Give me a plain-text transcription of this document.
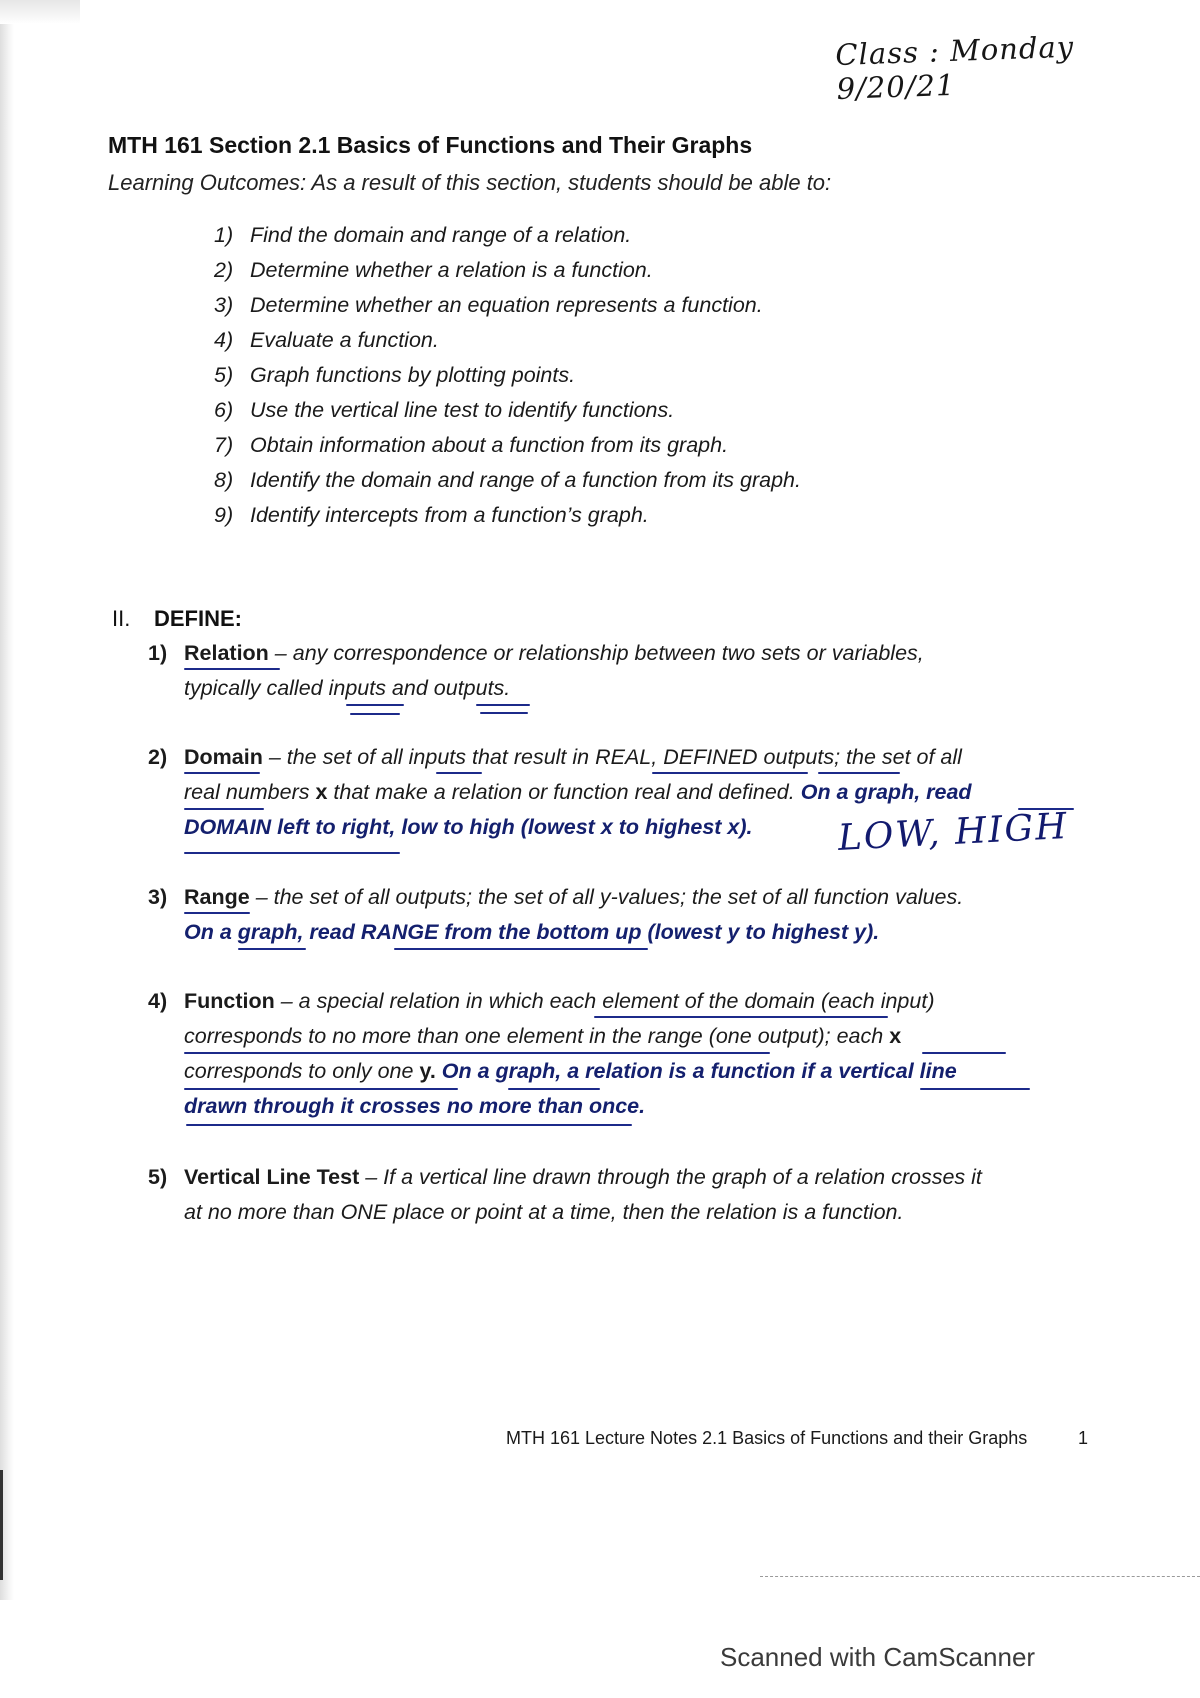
Class : Monday 9/20/21
MTH 161 Section 2.1 Basics of Functions and Their Graphs
Learning Outcomes: As a result of this section, students should be able to:
1) Find the domain and range of a relation.
2) Determine whether a relation is a function.
3) Determine whether an equation represents a function.
4) Evaluate a function.
5) Graph functions by plotting points.
6) Use the vertical line test to identify functions.
7) Obtain information about a function from its graph.
8) Identify the domain and range of a function from its graph.
9) Identify intercepts from a function’s graph.
II. DEFINE:
1) Relation – any correspondence or relationship between two sets or variables,
typically called inputs and outputs.
2) Domain – the set of all inputs that result in REAL, DEFINED outputs; the set of all
real numbers x that make a relation or function real and defined. On a graph, read
DOMAIN left to right, low to high (lowest x to highest x).	LOW, HIGH
3) Range – the set of all outputs; the set of all y-values; the set of all function values.
On a graph, read RANGE from the bottom up (lowest y to highest y).
4) Function – a special relation in which each element of the domain (each input)
corresponds to no more than one element in the range (one output); each x
corresponds to only one y. On a graph, a relation is a function if a vertical line
drawn through it crosses no more than once.
5) Vertical Line Test – If a vertical line drawn through the graph of a relation crosses it
at no more than ONE place or point at a time, then the relation is a function.
MTH 161 Lecture Notes 2.1 Basics of Functions and their Graphs	1
Scanned with CamScanner
